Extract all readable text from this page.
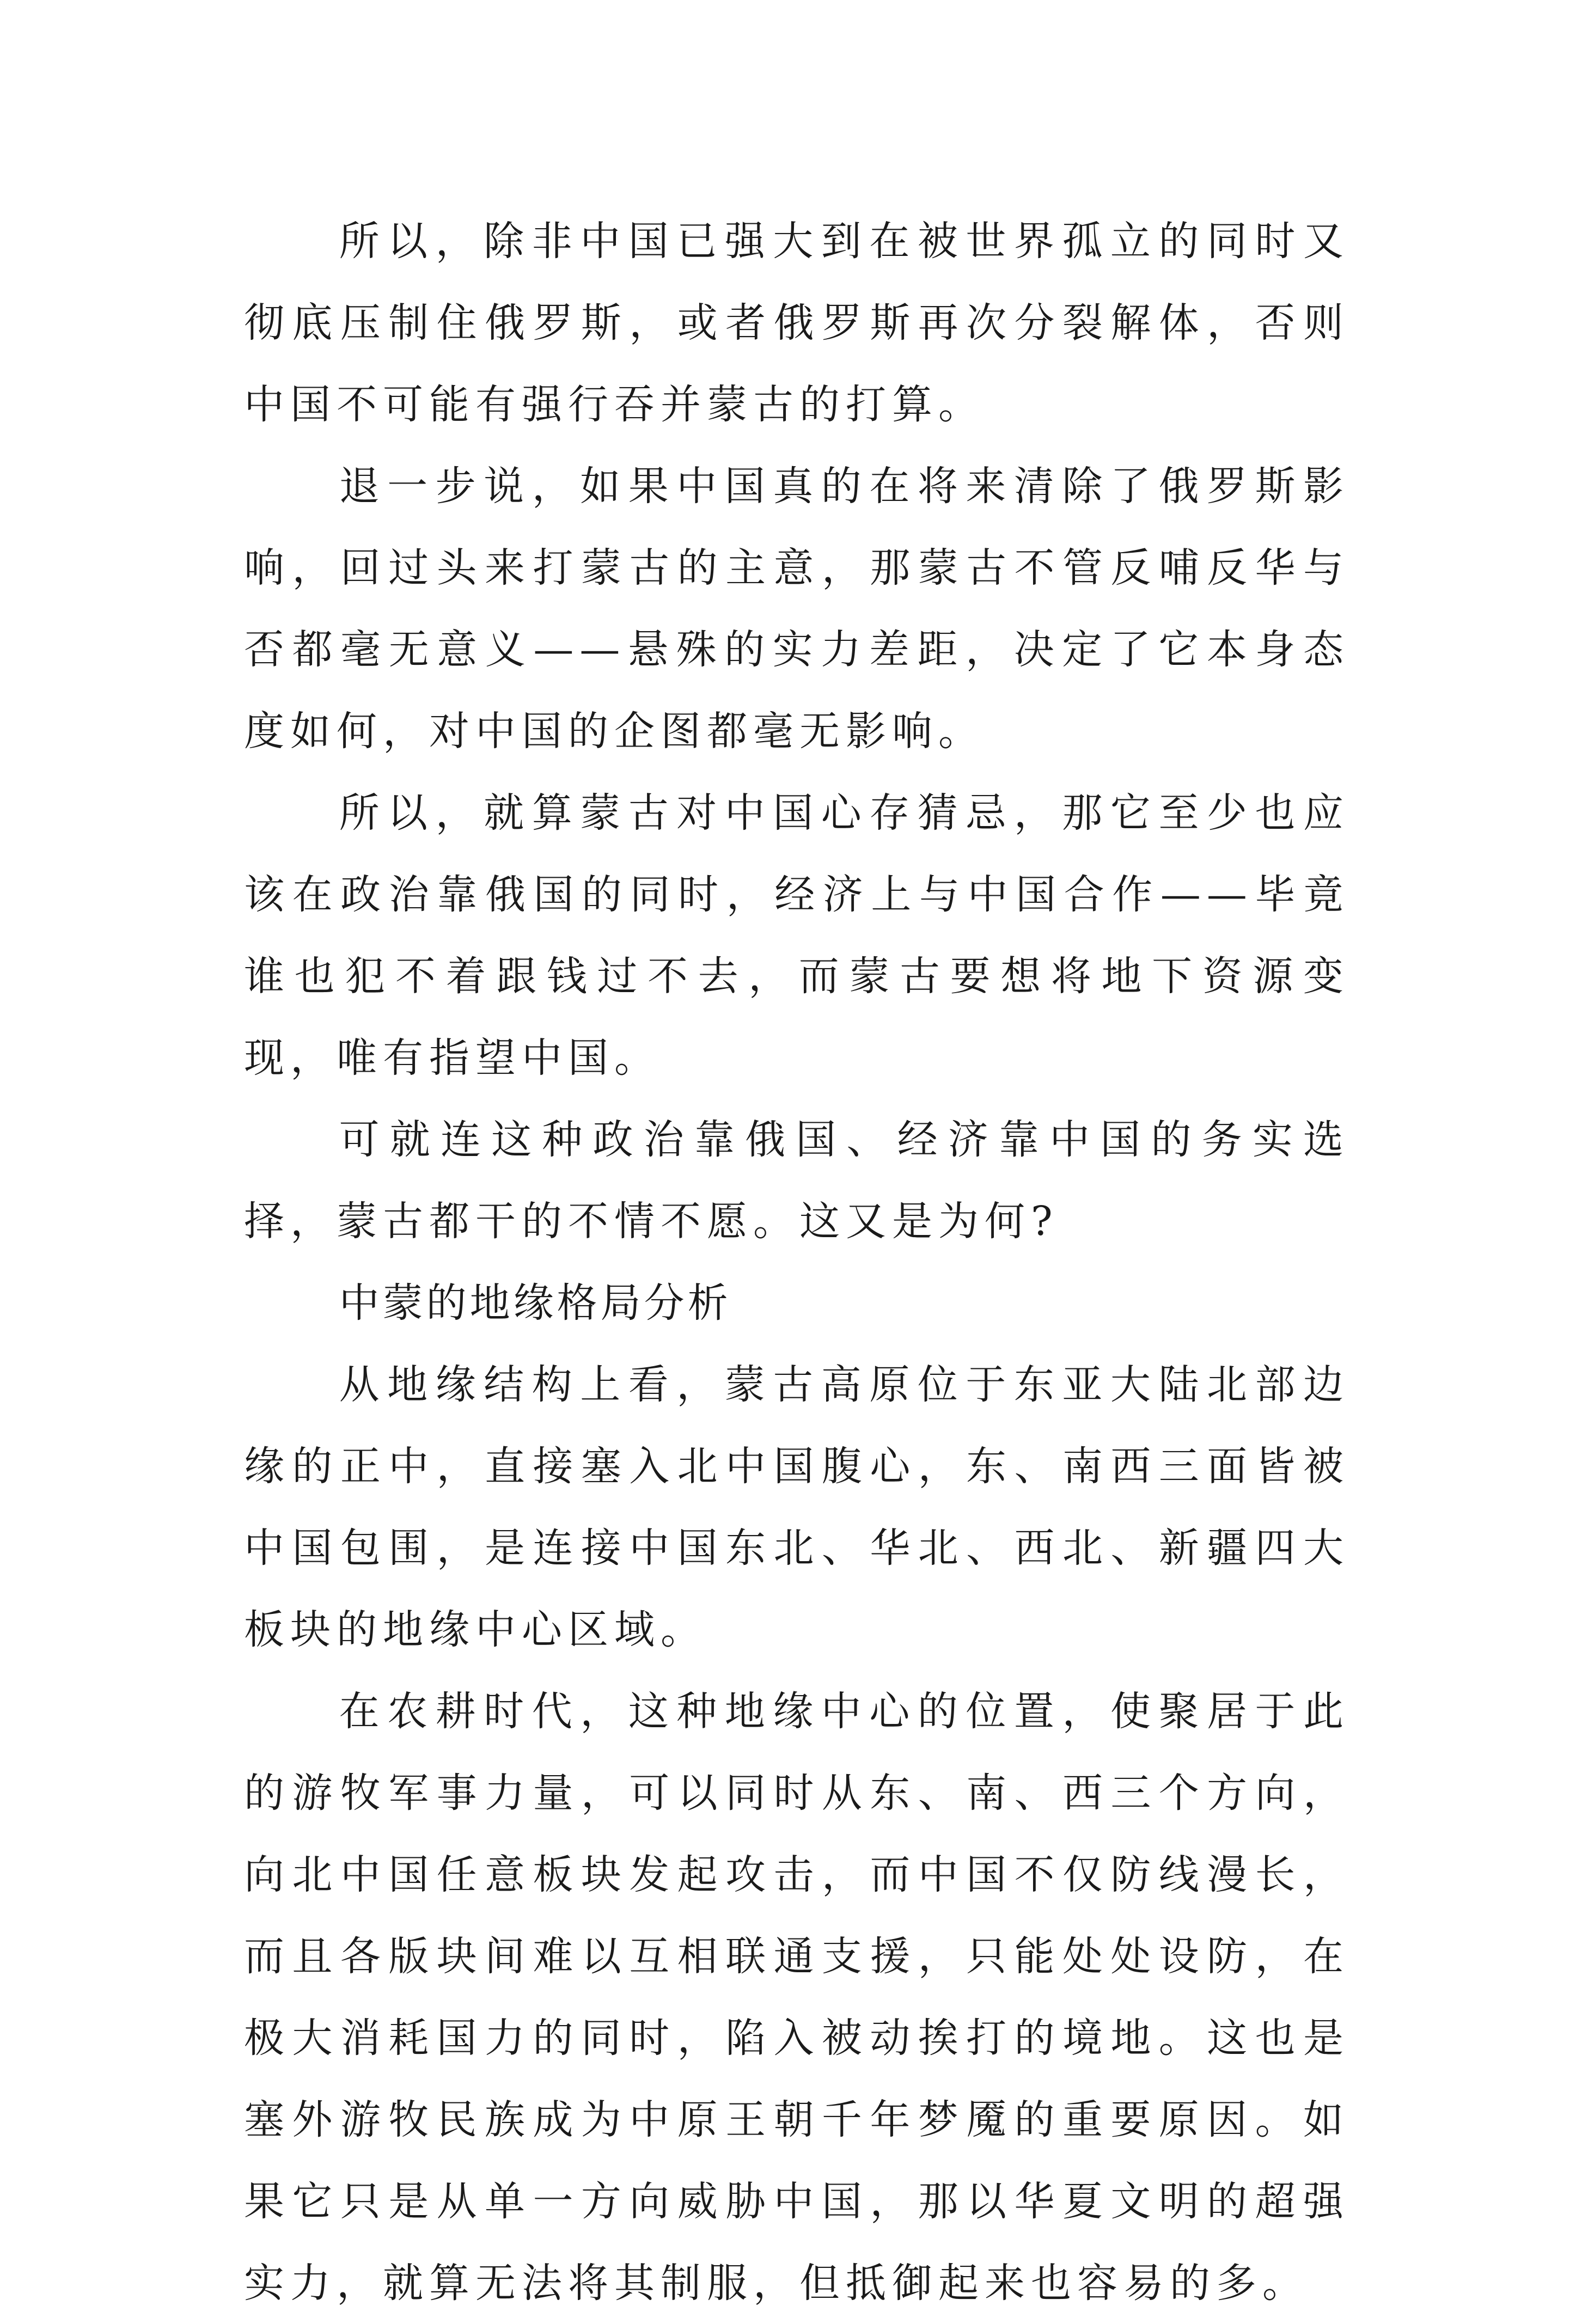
所以，除非中国已强大到在被世界孤立的同时又彻底压制住俄罗斯，或者俄罗斯再次分裂解体，否则中国不可能有强行吞并蒙古的打算。

退一步说，如果中国真的在将来清除了俄罗斯影响，回过头来打蒙古的主意，那蒙古不管反哺反华与否都毫无意义——悬殊的实力差距，决定了它本身态度如何，对中国的企图都毫无影响。

所以，就算蒙古对中国心存猜忌，那它至少也应该在政治靠俄国的同时，经济上与中国合作——毕竟谁也犯不着跟钱过不去，而蒙古要想将地下资源变现，唯有指望中国。

可就连这种政治靠俄国、经济靠中国的务实选择，蒙古都干的不情不愿。这又是为何?

中蒙的地缘格局分析

从地缘结构上看，蒙古高原位于东亚大陆北部边缘的正中，直接塞入北中国腹心，东、南西三面皆被中国包围，是连接中国东北、华北、西北、新疆四大板块的地缘中心区域。

在农耕时代，这种地缘中心的位置，使聚居于此的游牧军事力量，可以同时从东、南、西三个方向，向北中国任意板块发起攻击，而中国不仅防线漫长，而且各版块间难以互相联通支援，只能处处设防，在极大消耗国力的同时，陷入被动挨打的境地。这也是塞外游牧民族成为中原王朝千年梦魇的重要原因。如果它只是从单一方向威胁中国，那以华夏文明的超强实力，就算无法将其制服，但抵御起来也容易的多。
